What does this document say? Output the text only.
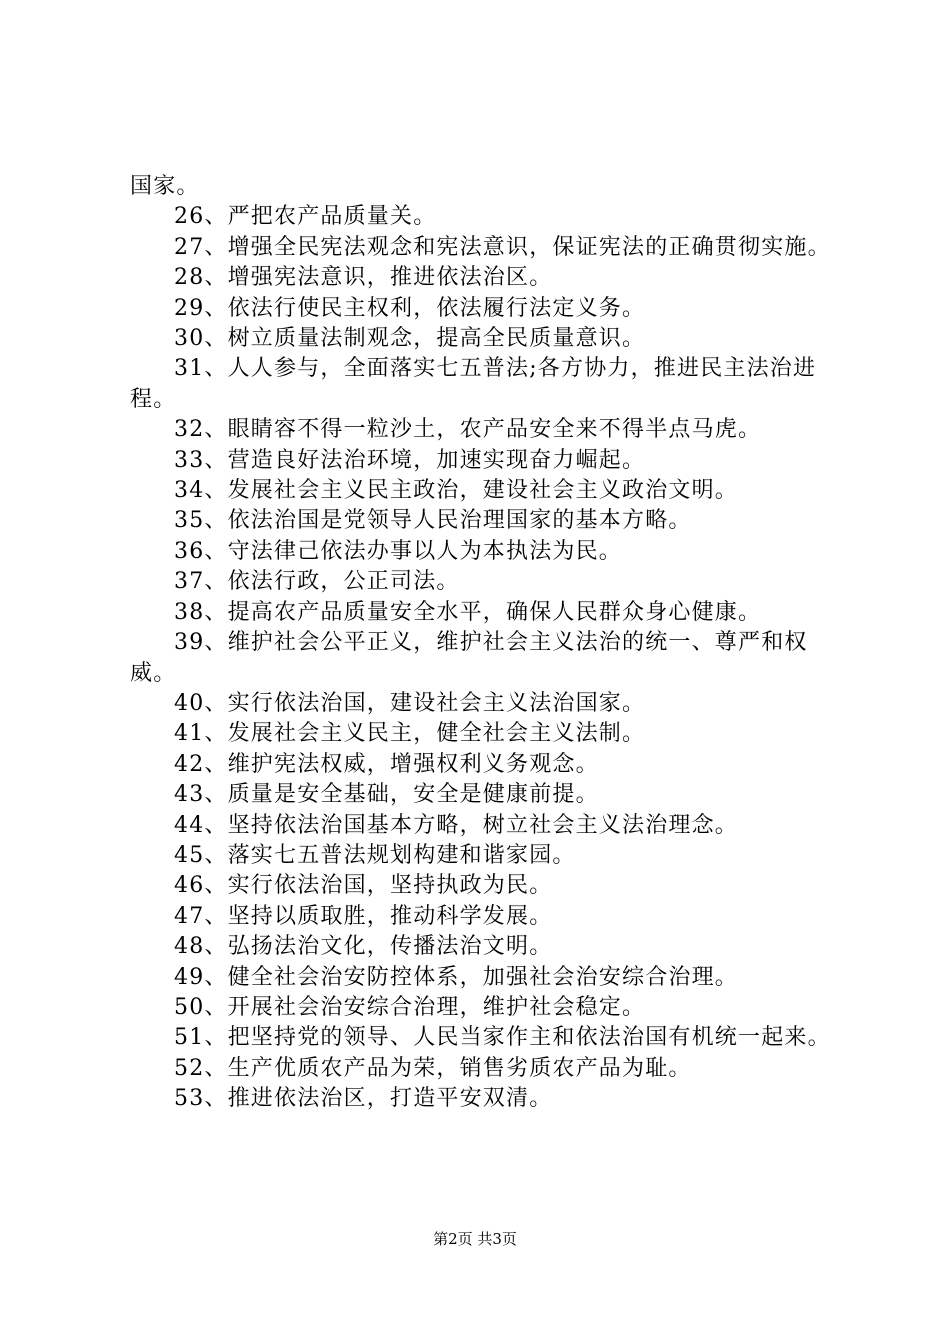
国家。

26、严把农产品质量关。

27、增强全民宪法观念和宪法意识，保证宪法的正确贯彻实施。

28、增强宪法意识，推进依法治区。

29、依法行使民主权利，依法履行法定义务。

30、树立质量法制观念，提高全民质量意识。

31、人人参与，全面落实七五普法;各方协力，推进民主法治进程。

32、眼睛容不得一粒沙土，农产品安全来不得半点马虎。

33、营造良好法治环境，加速实现奋力崛起。

34、发展社会主义民主政治，建设社会主义政治文明。

35、依法治国是党领导人民治理国家的基本方略。

36、守法律己依法办事以人为本执法为民。

37、依法行政，公正司法。

38、提高农产品质量安全水平，确保人民群众身心健康。

39、维护社会公平正义，维护社会主义法治的统一、尊严和权威。

40、实行依法治国，建设社会主义法治国家。

41、发展社会主义民主，健全社会主义法制。

42、维护宪法权威，增强权利义务观念。

43、质量是安全基础，安全是健康前提。

44、坚持依法治国基本方略，树立社会主义法治理念。

45、落实七五普法规划构建和谐家园。

46、实行依法治国，坚持执政为民。

47、坚持以质取胜，推动科学发展。

48、弘扬法治文化，传播法治文明。

49、健全社会治安防控体系，加强社会治安综合治理。

50、开展社会治安综合治理，维护社会稳定。

51、把坚持党的领导、人民当家作主和依法治国有机统一起来。

52、生产优质农产品为荣，销售劣质农产品为耻。

53、推进依法治区，打造平安双清。

第2页 共3页
